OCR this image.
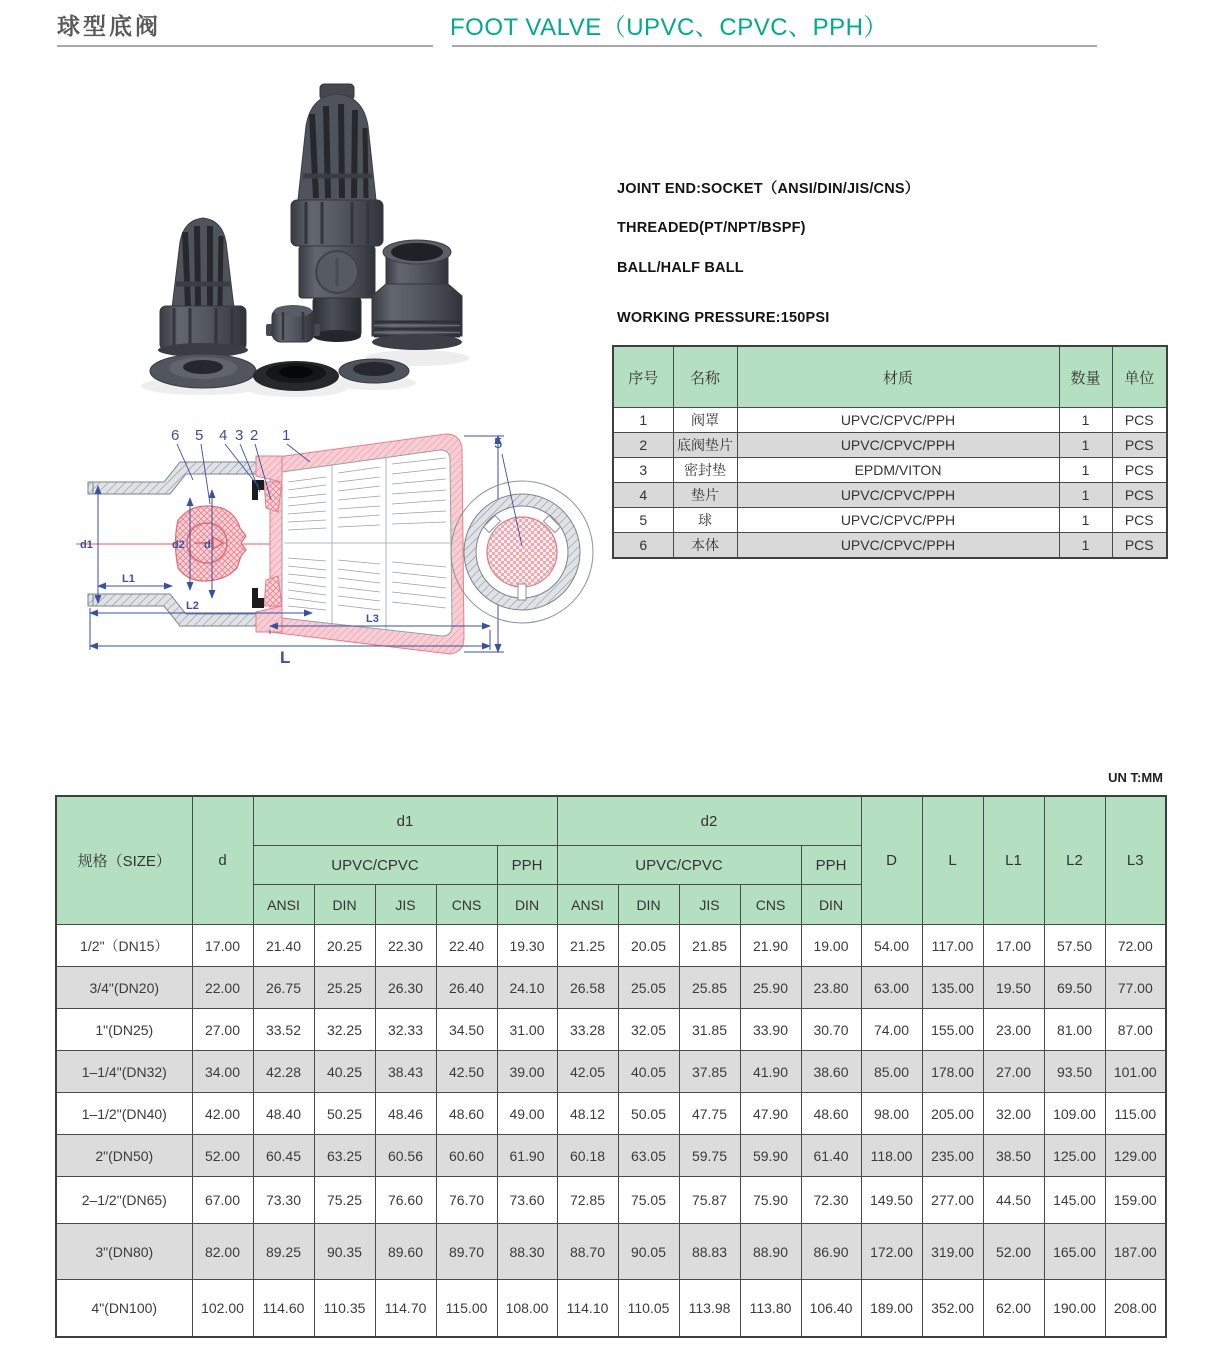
球型底阀	FOOT VALVE（UPVC、CPVC、PPH）
JOINT END:SOCKET（ANSI/DIN/JIS/CNS）
THREADED(PT/NPT/BSPF)
BALL/HALF BALL
WORKING PRESSURE:150PSI
序号	名称	材质	数量	单位
1	阀罩	UPVC/CPVC/PPH	1	PCS
2	底阀垫片	UPVC/CPVC/PPH	1	PCS
3	密封垫	EPDM/VITON	1	PCS
4	垫片	UPVC/CPVC/PPH	1	PCS
5	球	UPVC/CPVC/PPH	1	PCS
6	本体	UPVC/CPVC/PPH	1	PCS
d1	d2 d
L1
L2
L3
L
6 5 4 3 2 1	5
UN T:MM
规格（SIZE）	d	d1					d2					D	L	L1	L2	L3
		UPVC/CPVC				PPH	UPVC/CPVC				PPH					
		ANSI	DIN	JIS	CNS	DIN	ANSI	DIN	JIS	CNS	DIN					
1/2"（DN15）	17.00	21.40	20.25	22.30	22.40	19.30	21.25	20.05	21.85	21.90	19.00	54.00	117.00	17.00	57.50	72.00
3/4"(DN20)	22.00	26.75	25.25	26.30	26.40	24.10	26.58	25.05	25.85	25.90	23.80	63.00	135.00	19.50	69.50	77.00
1"(DN25)	27.00	33.52	32.25	32.33	34.50	31.00	33.28	32.05	31.85	33.90	30.70	74.00	155.00	23.00	81.00	87.00
1–1/4"(DN32)	34.00	42.28	40.25	38.43	42.50	39.00	42.05	40.05	37.85	41.90	38.60	85.00	178.00	27.00	93.50	101.00
1–1/2"(DN40)	42.00	48.40	50.25	48.46	48.60	49.00	48.12	50.05	47.75	47.90	48.60	98.00	205.00	32.00	109.00	115.00
2"(DN50)	52.00	60.45	63.25	60.56	60.60	61.90	60.18	63.05	59.75	59.90	61.40	118.00	235.00	38.50	125.00	129.00
2–1/2"(DN65)	67.00	73.30	75.25	76.60	76.70	73.60	72.85	75.05	75.87	75.90	72.30	149.50	277.00	44.50	145.00	159.00
3"(DN80)	82.00	89.25	90.35	89.60	89.70	88.30	88.70	90.05	88.83	88.90	86.90	172.00	319.00	52.00	165.00	187.00
4"(DN100)	102.00	114.60	110.35	114.70	115.00	108.00	114.10	110.05	113.98	113.80	106.40	189.00	352.00	62.00	190.00	208.00
